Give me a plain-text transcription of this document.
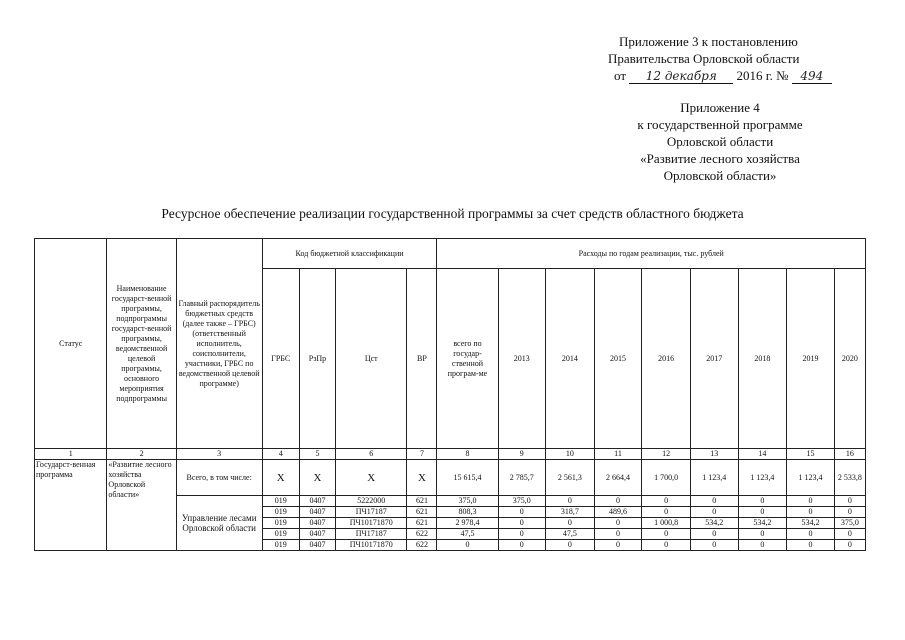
Приложение 3 к постановлению
Правительства Орловской области
от 12 декабря 2016 г. № 494
Приложение 4
к государственной программе
Орловской области
«Развитие лесного хозяйства
Орловской области»
Ресурсное обеспечение реализации государственной программы за счет средств областного бюджета
Статус	Наименование государст-венной программы, подпрограммы государст-венной программы, ведомственной целевой программы, основного мероприятия подпрограммы	Главный распорядитель бюджетных средств (далее также – ГРБС) (ответственный исполнитель, соисполнители, участники, ГРБС по ведомственной целевой программе)	Код бюджетной классификации				Расходы по годам реализации, тыс. рублей								
			ГРБС	РзПр	Цст	ВР	всего по государ-ственной програм-ме	2013	2014	2015	2016	2017	2018	2019	2020
1	2	3	4	5	6	7	8	9	10	11	12	13	14	15	16
Государст-венная программа	«Развитие лесного хозяйства Орловской области»	Всего, в том числе:	X	X	X	X	15 615,4	2 785,7	2 561,3	2 664,4	1 700,0	1 123,4	1 123,4	1 123,4	2 533,8
		Управление лесами Орловской области	019	0407	5222000	621	375,0	375,0	0	0	0	0	0	0	0
			019	0407	ПЧ17187	621	808,3	0	318,7	489,6	0	0	0	0	0
			019	0407	ПЧ10171870	621	2 978,4	0	0	0	1 000,8	534,2	534,2	534,2	375,0
			019	0407	ПЧ17187	622	47,5	0	47,5	0	0	0	0	0	0
			019	0407	ПЧ10171870	622	0	0	0	0	0	0	0	0	0
